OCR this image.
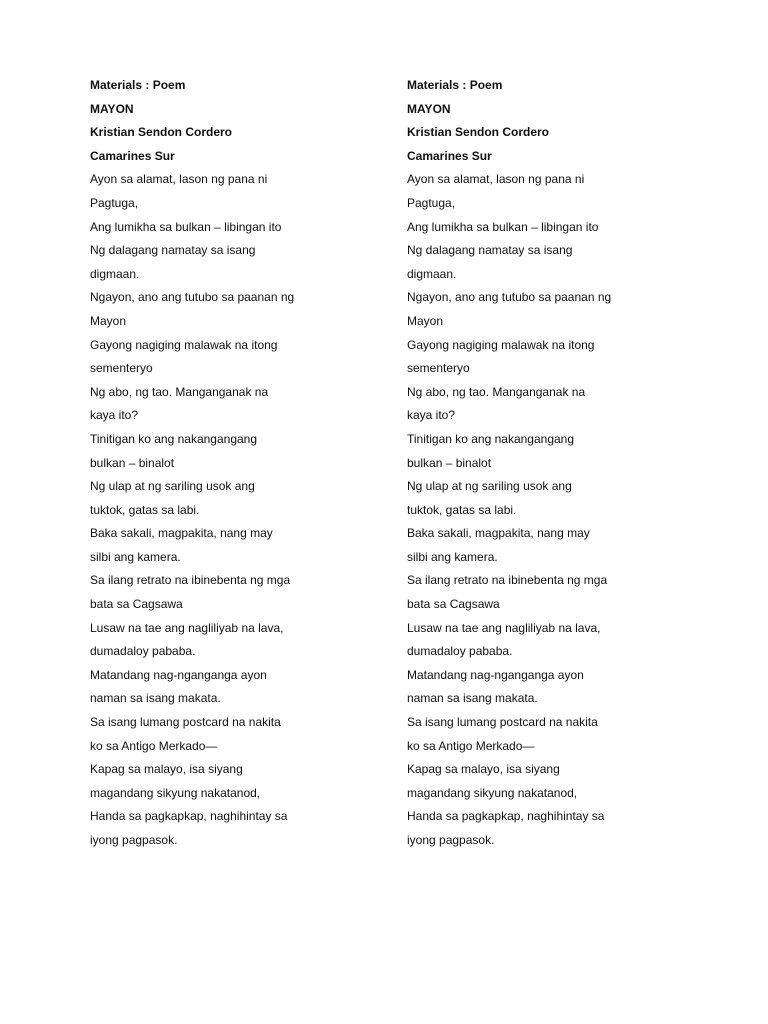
Materials : Poem
MAYON
Kristian Sendon Cordero
Camarines Sur
Ayon sa alamat, lason ng pana ni
Pagtuga,
Ang lumikha sa bulkan – libingan ito
Ng dalagang namatay sa isang
digmaan.
Ngayon, ano ang tutubo sa paanan ng
Mayon
Gayong nagiging malawak na itong
sementeryo
Ng abo, ng tao. Manganganak na
kaya ito?
Tinitigan ko ang nakangangang
bulkan – binalot
Ng ulap at ng sariling usok ang
tuktok, gatas sa labi.
Baka sakali, magpakita, nang may
silbi ang kamera.
Sa ilang retrato na ibinebenta ng mga
bata sa Cagsawa
Lusaw na tae ang nagliliyab na lava,
dumadaloy pababa.
Matandang nag-nganganga ayon
naman sa isang makata.
Sa isang lumang postcard na nakita
ko sa Antigo Merkado—
Kapag sa malayo, isa siyang
magandang sikyung nakatanod,
Handa sa pagkapkap, naghihintay sa
iyong pagpasok.
Materials : Poem
MAYON
Kristian Sendon Cordero
Camarines Sur
Ayon sa alamat, lason ng pana ni
Pagtuga,
Ang lumikha sa bulkan – libingan ito
Ng dalagang namatay sa isang
digmaan.
Ngayon, ano ang tutubo sa paanan ng
Mayon
Gayong nagiging malawak na itong
sementeryo
Ng abo, ng tao. Manganganak na
kaya ito?
Tinitigan ko ang nakangangang
bulkan – binalot
Ng ulap at ng sariling usok ang
tuktok, gatas sa labi.
Baka sakali, magpakita, nang may
silbi ang kamera.
Sa ilang retrato na ibinebenta ng mga
bata sa Cagsawa
Lusaw na tae ang nagliliyab na lava,
dumadaloy pababa.
Matandang nag-nganganga ayon
naman sa isang makata.
Sa isang lumang postcard na nakita
ko sa Antigo Merkado—
Kapag sa malayo, isa siyang
magandang sikyung nakatanod,
Handa sa pagkapkap, naghihintay sa
iyong pagpasok.
